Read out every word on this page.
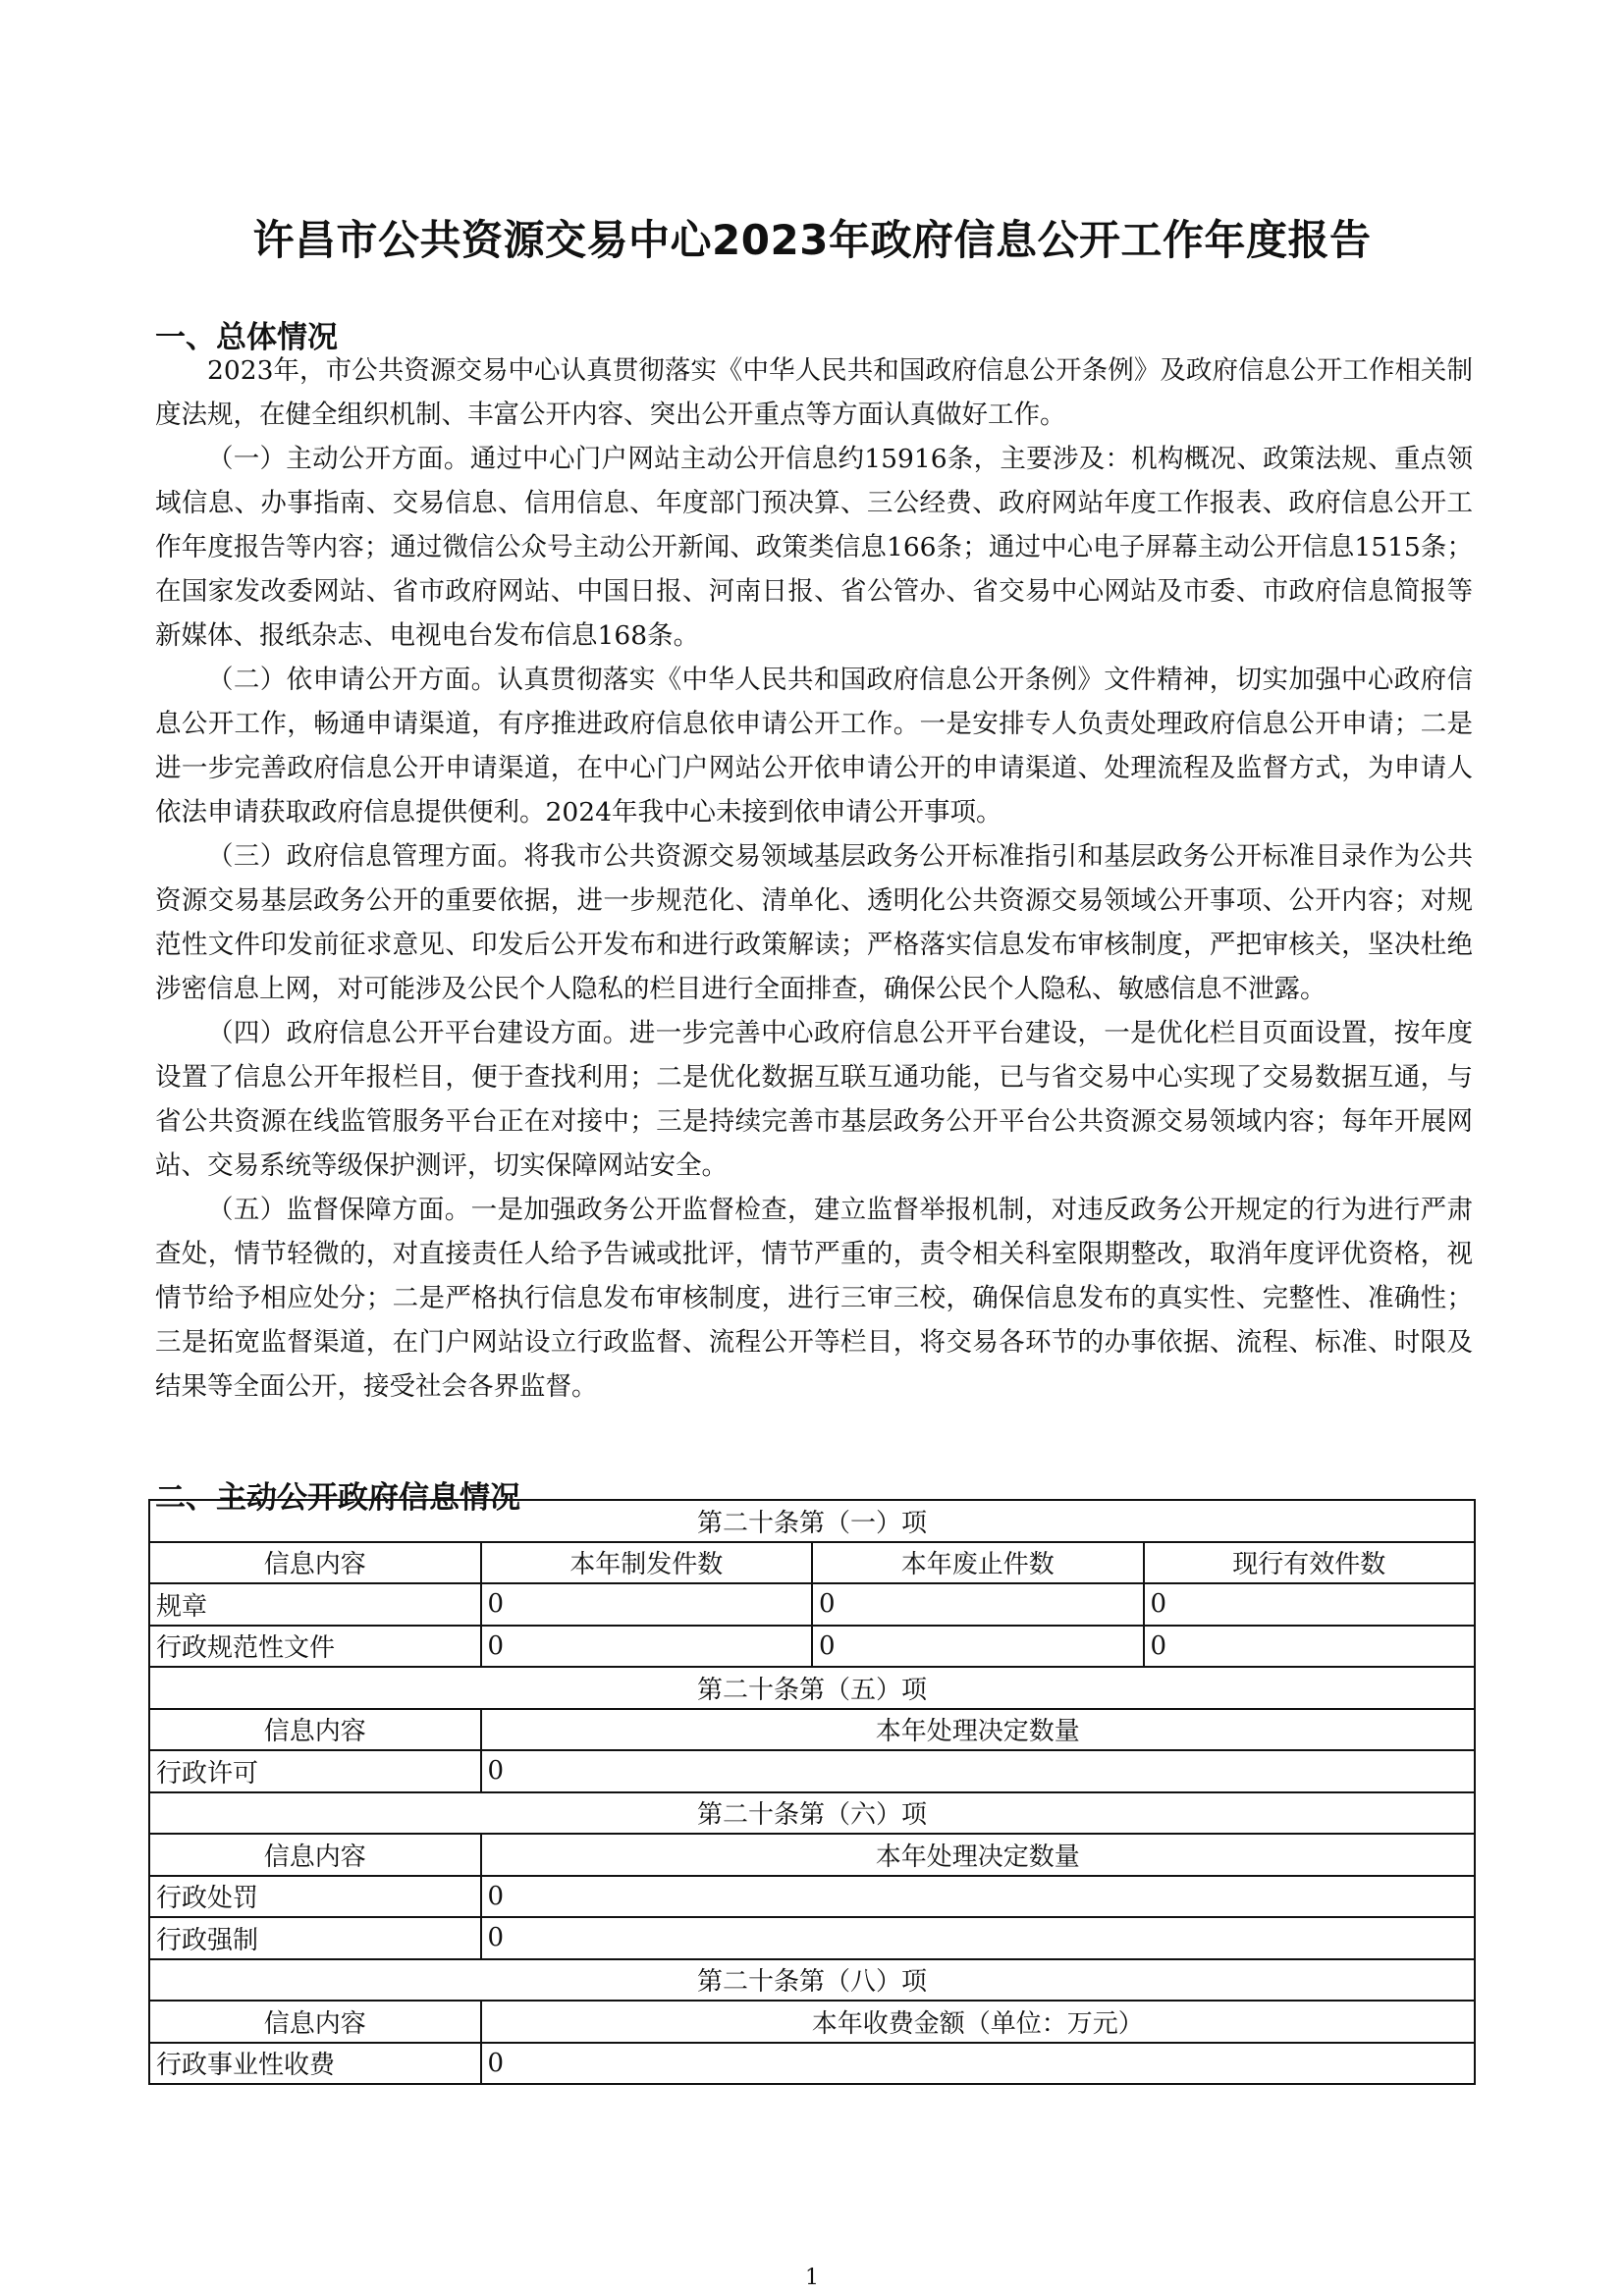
许昌市公共资源交易中心2023年政府信息公开工作年度报告
一、总体情况

2023年，市公共资源交易中心认真贯彻落实《中华人民共和国政府信息公开条例》及政府信息公开工作相关制度法规，在健全组织机制、丰富公开内容、突出公开重点等方面认真做好工作。

（一）主动公开方面。通过中心门户网站主动公开信息约15916条，主要涉及：机构概况、政策法规、重点领域信息、办事指南、交易信息、信用信息、年度部门预决算、三公经费、政府网站年度工作报表、政府信息公开工作年度报告等内容；通过微信公众号主动公开新闻、政策类信息166条；通过中心电子屏幕主动公开信息1515条；在国家发改委网站、省市政府网站、中国日报、河南日报、省公管办、省交易中心网站及市委、市政府信息简报等新媒体、报纸杂志、电视电台发布信息168条。

（二）依申请公开方面。认真贯彻落实《中华人民共和国政府信息公开条例》文件精神，切实加强中心政府信息公开工作，畅通申请渠道，有序推进政府信息依申请公开工作。一是安排专人负责处理政府信息公开申请；二是进一步完善政府信息公开申请渠道，在中心门户网站公开依申请公开的申请渠道、处理流程及监督方式，为申请人依法申请获取政府信息提供便利。2024年我中心未接到依申请公开事项。

（三）政府信息管理方面。将我市公共资源交易领域基层政务公开标准指引和基层政务公开标准目录作为公共资源交易基层政务公开的重要依据，进一步规范化、清单化、透明化公共资源交易领域公开事项、公开内容；对规范性文件印发前征求意见、印发后公开发布和进行政策解读；严格落实信息发布审核制度，严把审核关，坚决杜绝涉密信息上网，对可能涉及公民个人隐私的栏目进行全面排查，确保公民个人隐私、敏感信息不泄露。

（四）政府信息公开平台建设方面。进一步完善中心政府信息公开平台建设，一是优化栏目页面设置，按年度设置了信息公开年报栏目，便于查找利用；二是优化数据互联互通功能，已与省交易中心实现了交易数据互通，与省公共资源在线监管服务平台正在对接中；三是持续完善市基层政务公开平台公共资源交易领域内容；每年开展网站、交易系统等级保护测评，切实保障网站安全。

（五）监督保障方面。一是加强政务公开监督检查，建立监督举报机制，对违反政务公开规定的行为进行严肃查处，情节轻微的，对直接责任人给予告诫或批评，情节严重的，责令相关科室限期整改，取消年度评优资格，视情节给予相应处分；二是严格执行信息发布审核制度，进行三审三校，确保信息发布的真实性、完整性、准确性；三是拓宽监督渠道，在门户网站设立行政监督、流程公开等栏目，将交易各环节的办事依据、流程、标准、时限及结果等全面公开，接受社会各界监督。

二、主动公开政府信息情况
第二十条第（一）项			
信息内容	本年制发件数	本年废止件数	现行有效件数
规章	0	0	0
行政规范性文件	0	0	0
第二十条第（五）项			
信息内容	本年处理决定数量		
行政许可	0		
第二十条第（六）项			
信息内容	本年处理决定数量		
行政处罚	0		
行政强制	0		
第二十条第（八）项			
信息内容	本年收费金额（单位：万元）		
行政事业性收费	0		
1
